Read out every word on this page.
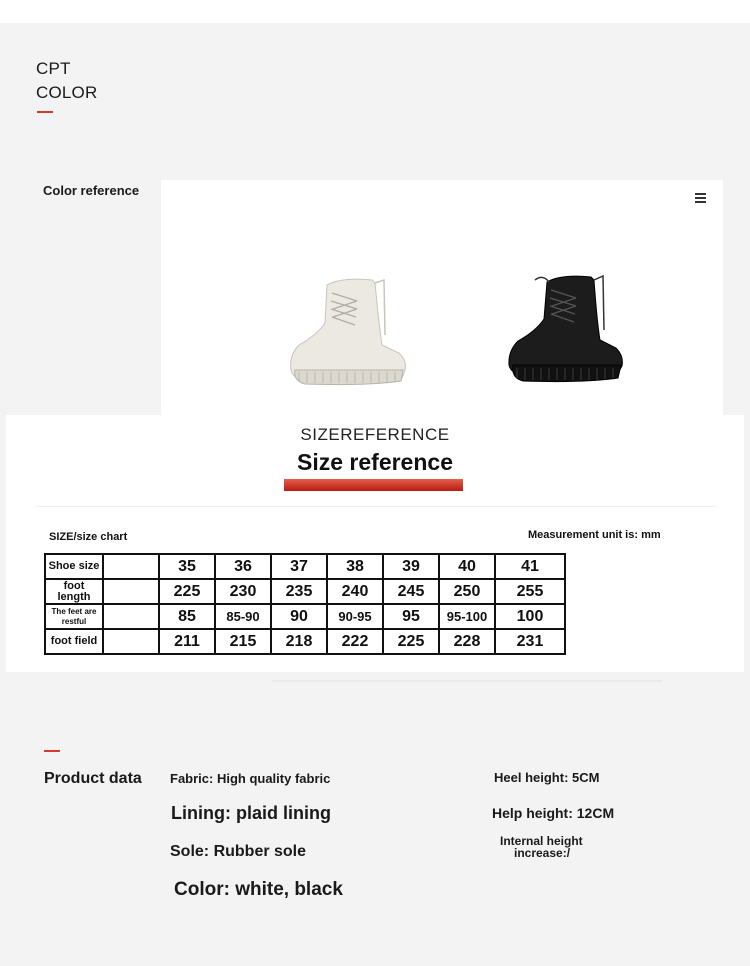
CPT
COLOR
Color reference
SIZEREFERENCE
Size reference
SIZE/size chart	Measurement unit is: mm
Shoe size		35	36	37	38	39	40	41
foot length		225	230	235	240	245	250	255
The feet are restful		85	85-90	90	90-95	95	95-100	100
foot field		211	215	218	222	225	228	231
Product data Fabric: High quality fabric
Lining: plaid lining
Sole: Rubber sole
Color: white, black
Heel height: 5CM
Help height: 12CM
Internal height
increase:/
